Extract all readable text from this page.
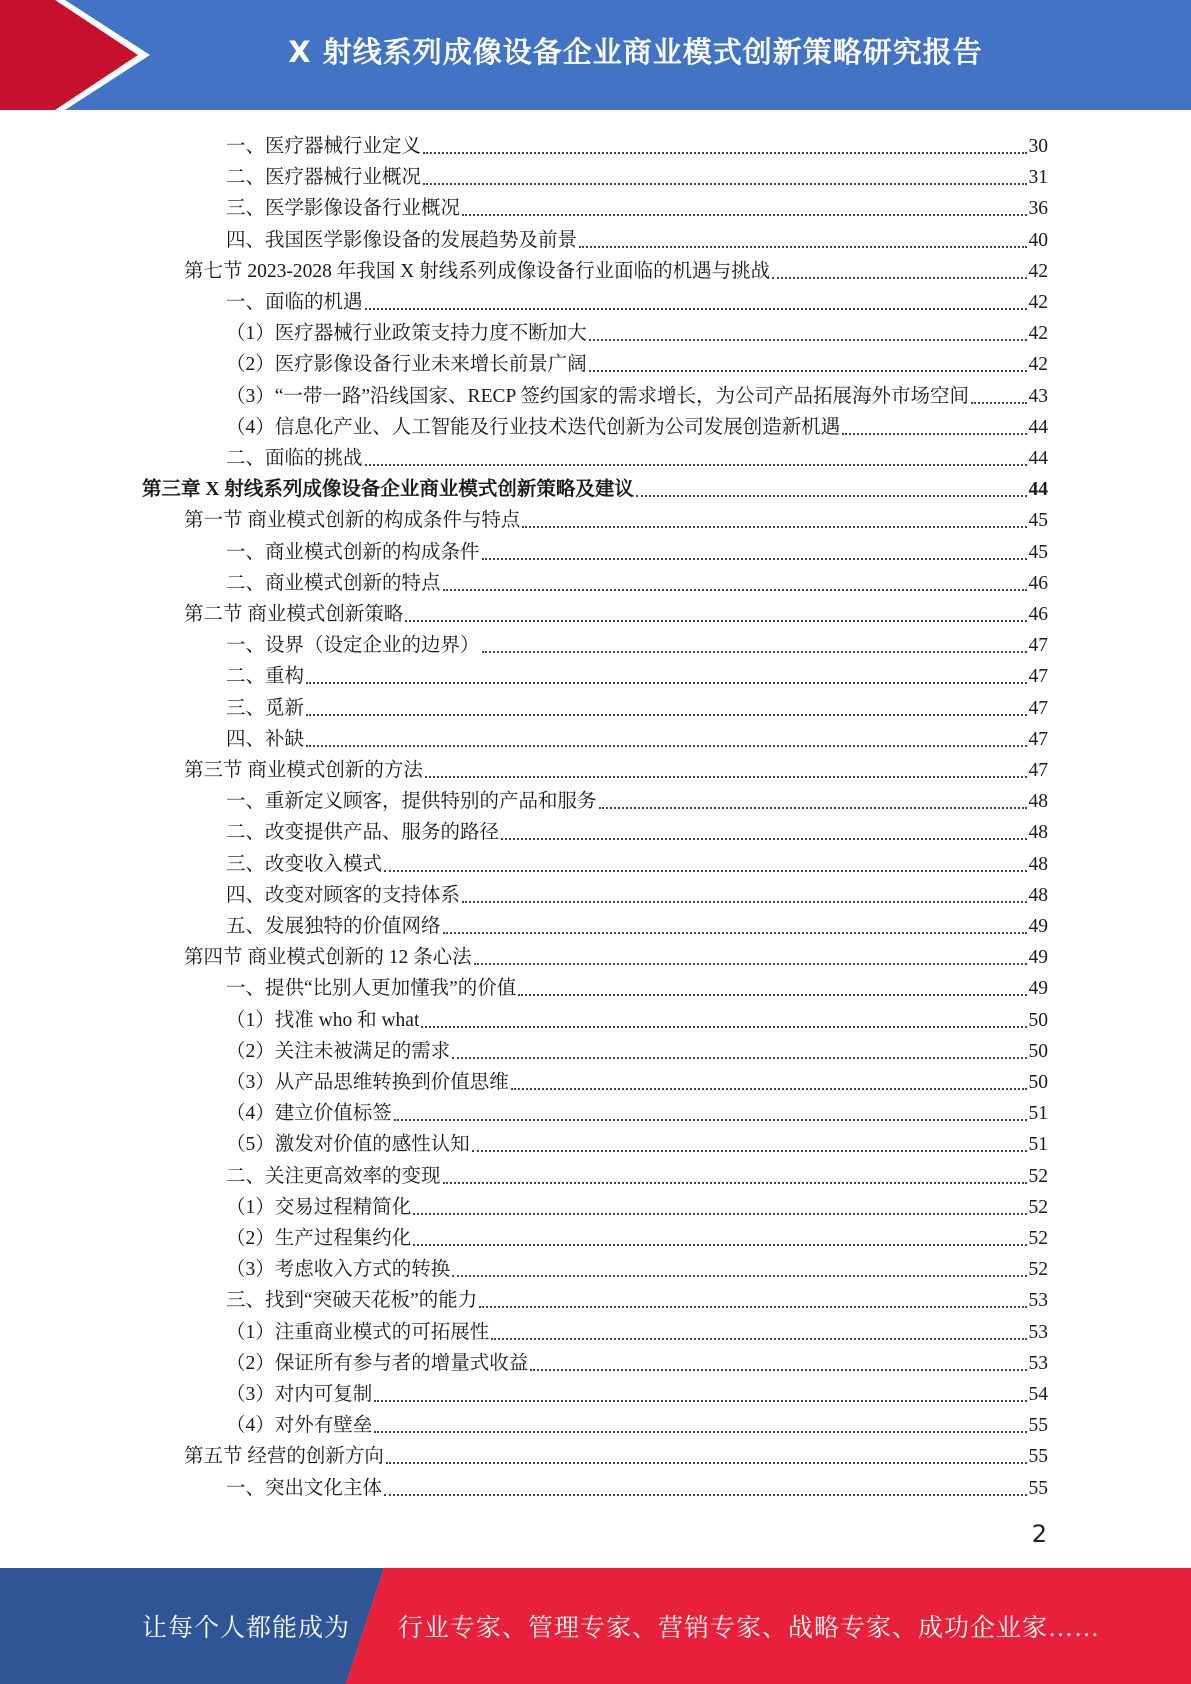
X 射线系列成像设备企业商业模式创新策略研究报告
一、医疗器械行业定义	30
二、医疗器械行业概况	31
三、医学影像设备行业概况	36
四、我国医学影像设备的发展趋势及前景	40
第七节 2023-2028 年我国 X 射线系列成像设备行业面临的机遇与挑战	42
一、面临的机遇	42
（1）医疗器械行业政策支持力度不断加大	42
（2）医疗影像设备行业未来增长前景广阔	42
（3）“一带一路”沿线国家、RECP 签约国家的需求增长，为公司产品拓展海外市场空间	43
（4）信息化产业、人工智能及行业技术迭代创新为公司发展创造新机遇	44
二、面临的挑战	44
第三章 X 射线系列成像设备企业商业模式创新策略及建议	44
第一节 商业模式创新的构成条件与特点	45
一、商业模式创新的构成条件	45
二、商业模式创新的特点	46
第二节 商业模式创新策略	46
一、设界（设定企业的边界）	47
二、重构	47
三、觅新	47
四、补缺	47
第三节 商业模式创新的方法	47
一、重新定义顾客，提供特别的产品和服务	48
二、改变提供产品、服务的路径	48
三、改变收入模式	48
四、改变对顾客的支持体系	48
五、发展独特的价值网络	49
第四节 商业模式创新的 12 条心法	49
一、提供“比别人更加懂我”的价值	49
（1）找准 who 和 what	50
（2）关注未被满足的需求	50
（3）从产品思维转换到价值思维	50
（4）建立价值标签	51
（5）激发对价值的感性认知	51
二、关注更高效率的变现	52
（1）交易过程精简化	52
（2）生产过程集约化	52
（3）考虑收入方式的转换	52
三、找到“突破天花板”的能力	53
（1）注重商业模式的可拓展性	53
（2）保证所有参与者的增量式收益	53
（3）对内可复制	54
（4）对外有壁垒	55
第五节 经营的创新方向	55
一、突出文化主体	55
2
让每个人都能成为 行业专家、管理专家、营销专家、战略专家、成功企业家……
